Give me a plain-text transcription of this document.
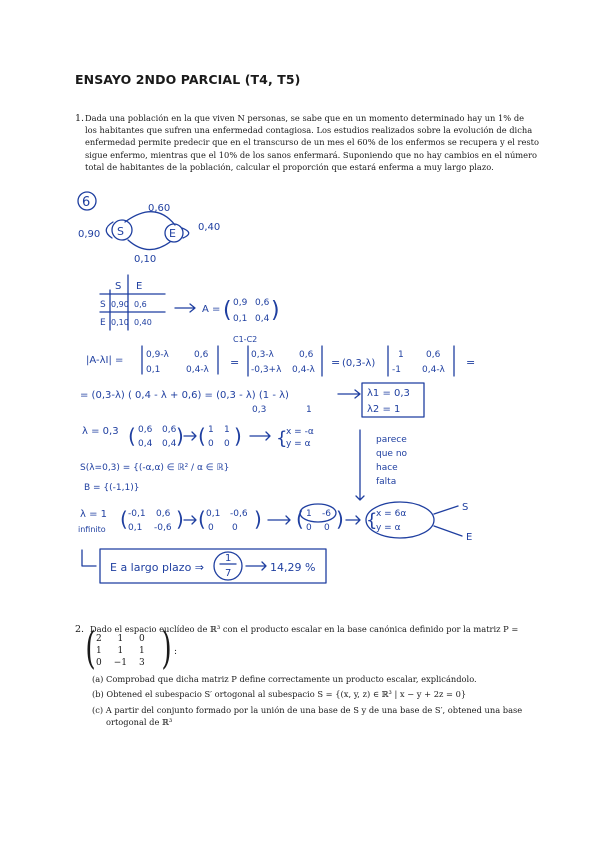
ENSAYO 2NDO PARCIAL (T4, T5)
1. Dada una población en la que viven N personas, se sabe que en un momento determinado hay un 1% de
los habitantes que sufren una enfermedad contagiosa. Los estudios realizados sobre la evolución de dicha
enfermedad permite predecir que en el transcurso de un mes el 60% de los enfermos se recupera y el resto
sigue enfermo, mientras que el 10% de los sanos enfermará. Suponiendo que no hay cambios en el número
total de habitantes de la población, calcular el proporción que estará enferma a muy largo plazo.
6	0,60
S	E
0,90
0,40
0,10
S E
S 0,90 0,6
E 0,10 0,40
A = ( 0,9 0,6
0,1 0,4 )
C1-C2
|A-λI| =	0,9-λ	0,6
0,1	0,4-λ
=
0,3-λ	0,6
-0,3+λ 0,4-λ
= (0,3-λ)
1 0,6
-1 0,4-λ
=
= (0,3-λ) ( 0,4 - λ + 0,6) = (0,3 - λ) (1 - λ)
0,3	1
λ1 = 0,3
λ2 = 1
λ = 0,3 ( 0,6 0,6
0,4 0,4 ) ( 1 1
0 0 ) {
x = -α
y = α
S(λ=0,3) = {(-α,α) ∈ ℝ² / α ∈ ℝ}
B = {(-1,1)}
parece
que no
hace
falta
λ = 1
infinito ( -0,1 0,6
0,1 -0,6 ) ( 0,1 -0,6
0 0 ) ( 1 -6
0 0 ) {
x = 6α
y = α
S
E
E a largo plazo ⇒
1
7	14,29 %
2. Dado el espacio euclídeo de ℝ³ con el producto escalar en la base canónica definido por la matriz P =
( 2	1	0
1	1	1
0	−1	3 ) :
(a) Comprobad que dicha matriz P define correctamente un producto escalar, explicándolo.
(b) Obtened el subespacio S′ ortogonal al subespacio S = {(x, y, z) ∈ ℝ³ | x − y + 2z = 0}
(c) A partir del conjunto formado por la unión de una base de S y de una base de S′, obtened una base
ortogonal de ℝ³
